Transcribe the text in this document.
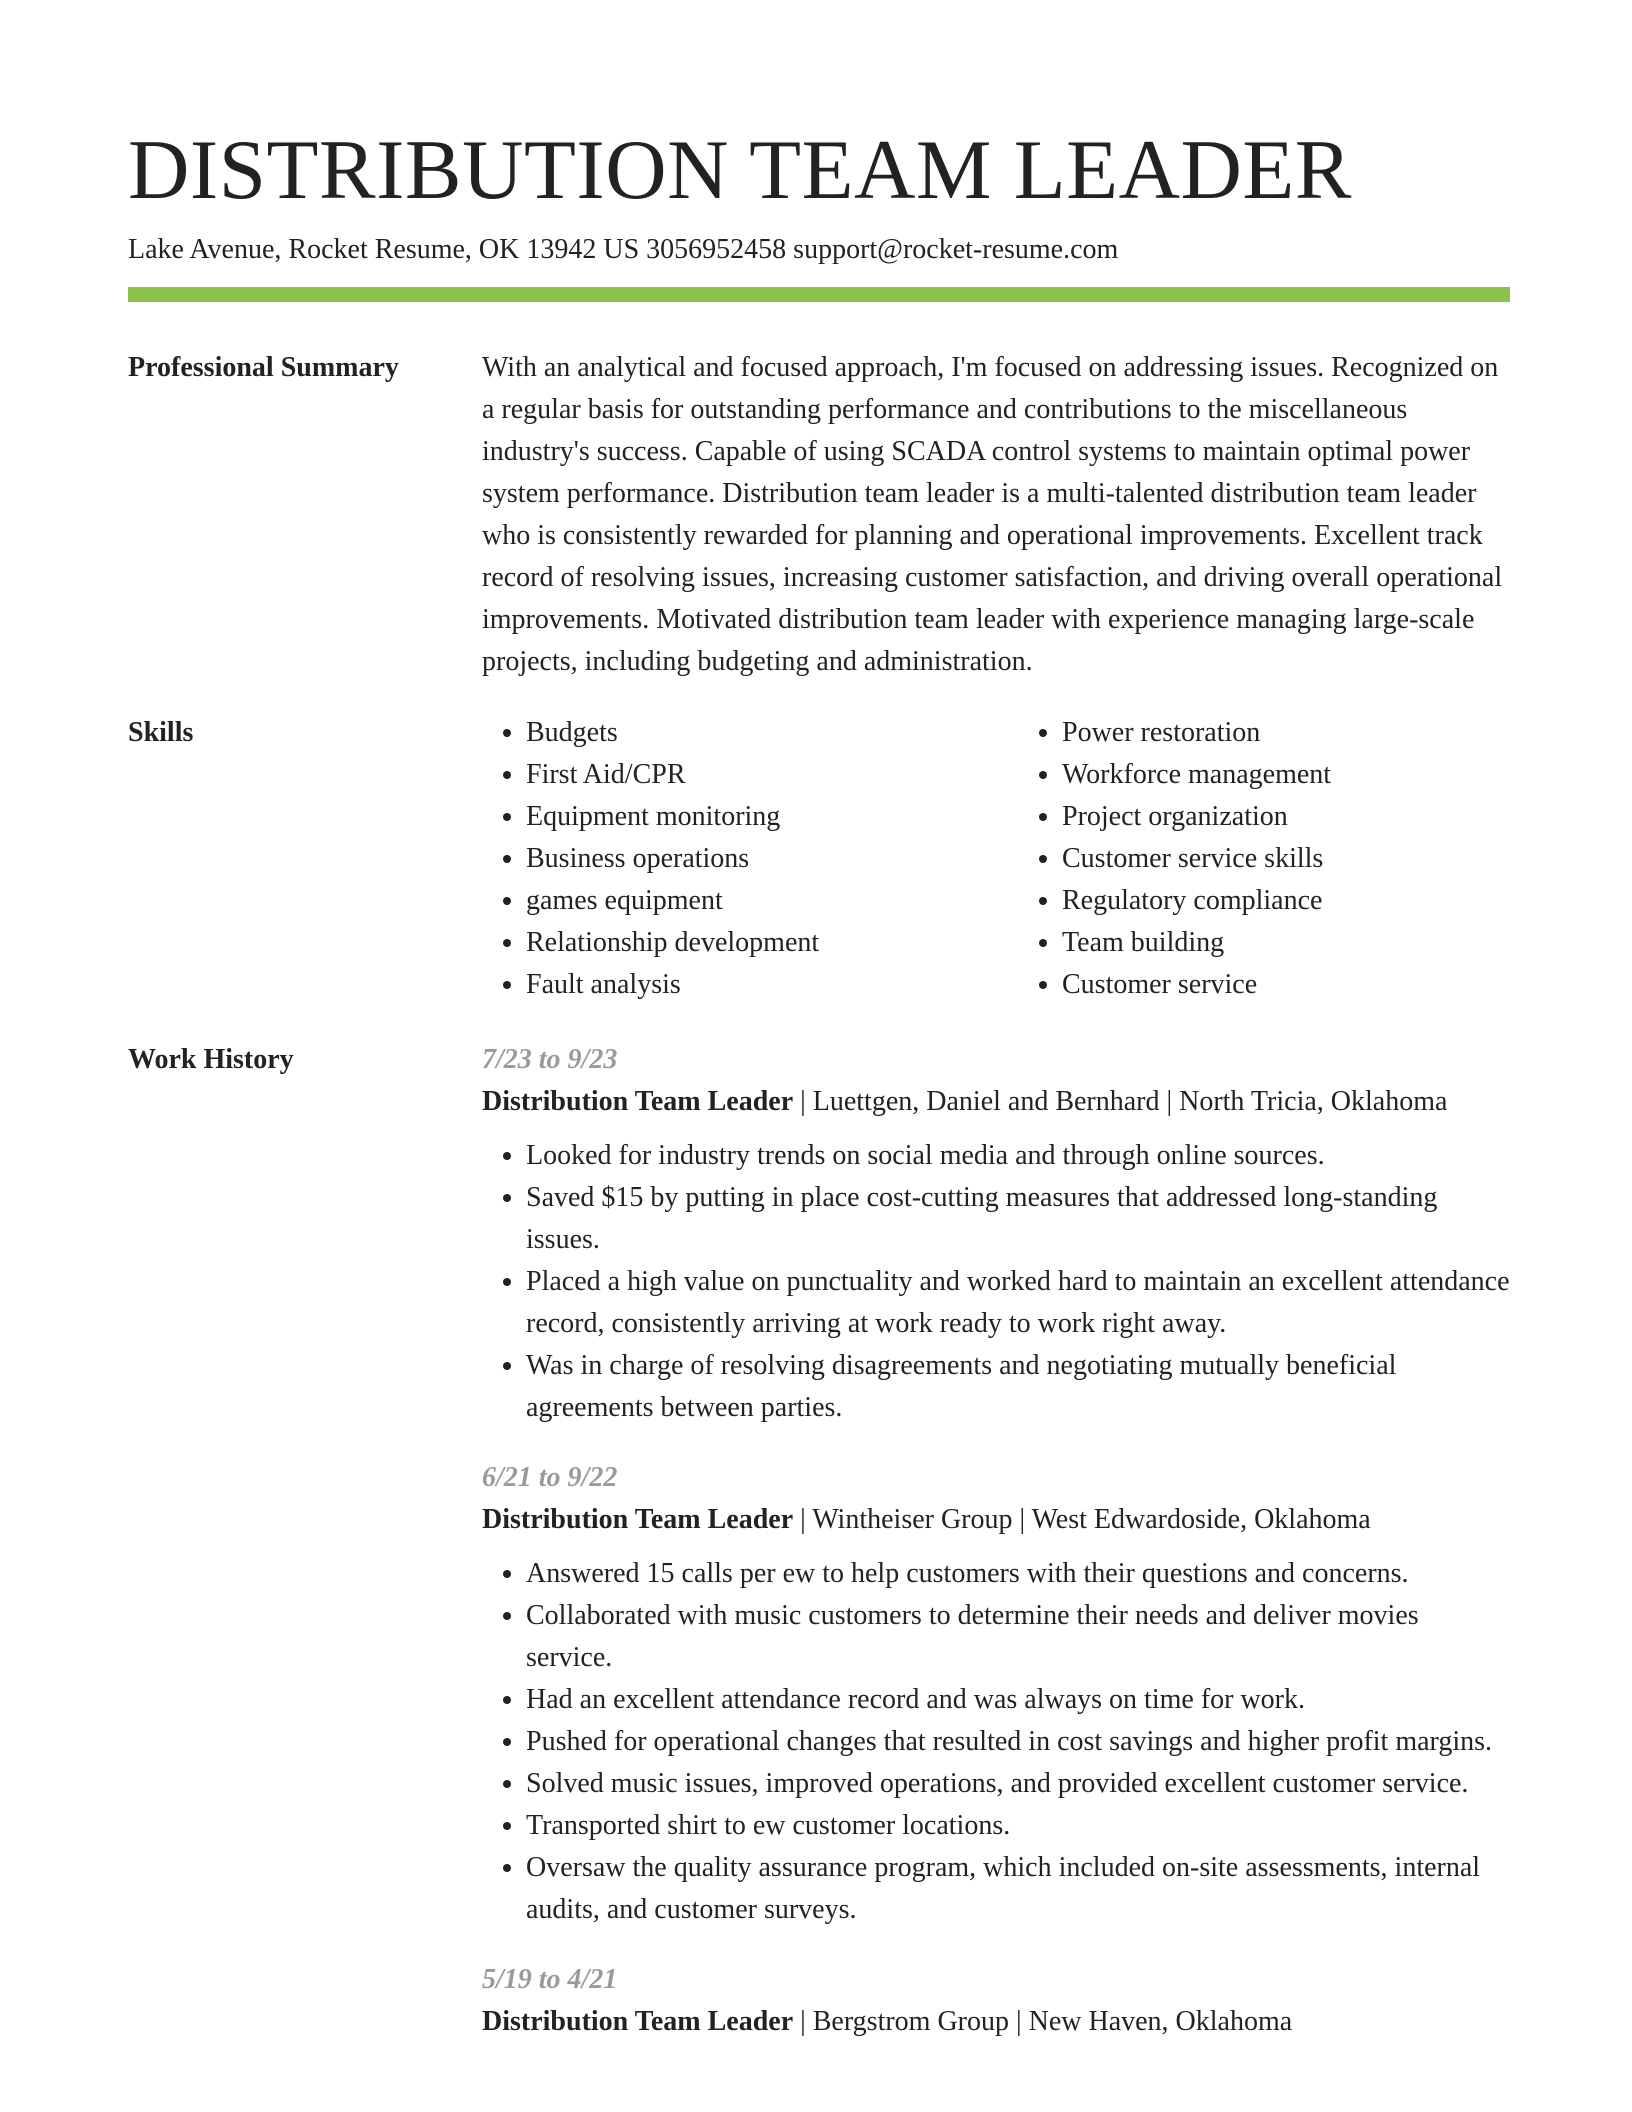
DISTRIBUTION TEAM LEADER
Lake Avenue, Rocket Resume, OK 13942 US 3056952458 support@rocket-resume.com
Professional Summary	With an analytical and focused approach, I'm focused on addressing issues. Recognized on a regular basis for outstanding performance and contributions to the miscellaneous industry's success. Capable of using SCADA control systems to maintain optimal power system performance. Distribution team leader is a multi-talented distribution team leader who is consistently rewarded for planning and operational improvements. Excellent track record of resolving issues, increasing customer satisfaction, and driving overall operational improvements. Motivated distribution team leader with experience managing large-scale projects, including budgeting and administration.

Skills
•	Budgets
• First Aid/CPR
• Equipment monitoring
• Business operations
• games equipment
• Relationship development
• Fault analysis
• Power restoration
• Workforce management
• Project organization
• Customer service skills
• Regulatory compliance
• Team building
• Customer service
Work History	7/23 to 9/23
Distribution Team Leader | Luettgen, Daniel and Bernhard | North Tricia, Oklahoma
• Looked for industry trends on social media and through online sources.
• Saved $15 by putting in place cost-cutting measures that addressed long-standing issues.
• Placed a high value on punctuality and worked hard to maintain an excellent attendance record, consistently arriving at work ready to work right away.
• Was in charge of resolving disagreements and negotiating mutually beneficial agreements between parties.
6/21 to 9/22
Distribution Team Leader | Wintheiser Group | West Edwardoside, Oklahoma
• Answered 15 calls per ew to help customers with their questions and concerns.
• Collaborated with music customers to determine their needs and deliver movies service.
• Had an excellent attendance record and was always on time for work.
• Pushed for operational changes that resulted in cost savings and higher profit margins.
• Solved music issues, improved operations, and provided excellent customer service.
• Transported shirt to ew customer locations.
• Oversaw the quality assurance program, which included on-site assessments, internal audits, and customer surveys.
5/19 to 4/21
Distribution Team Leader | Bergstrom Group | New Haven, Oklahoma
